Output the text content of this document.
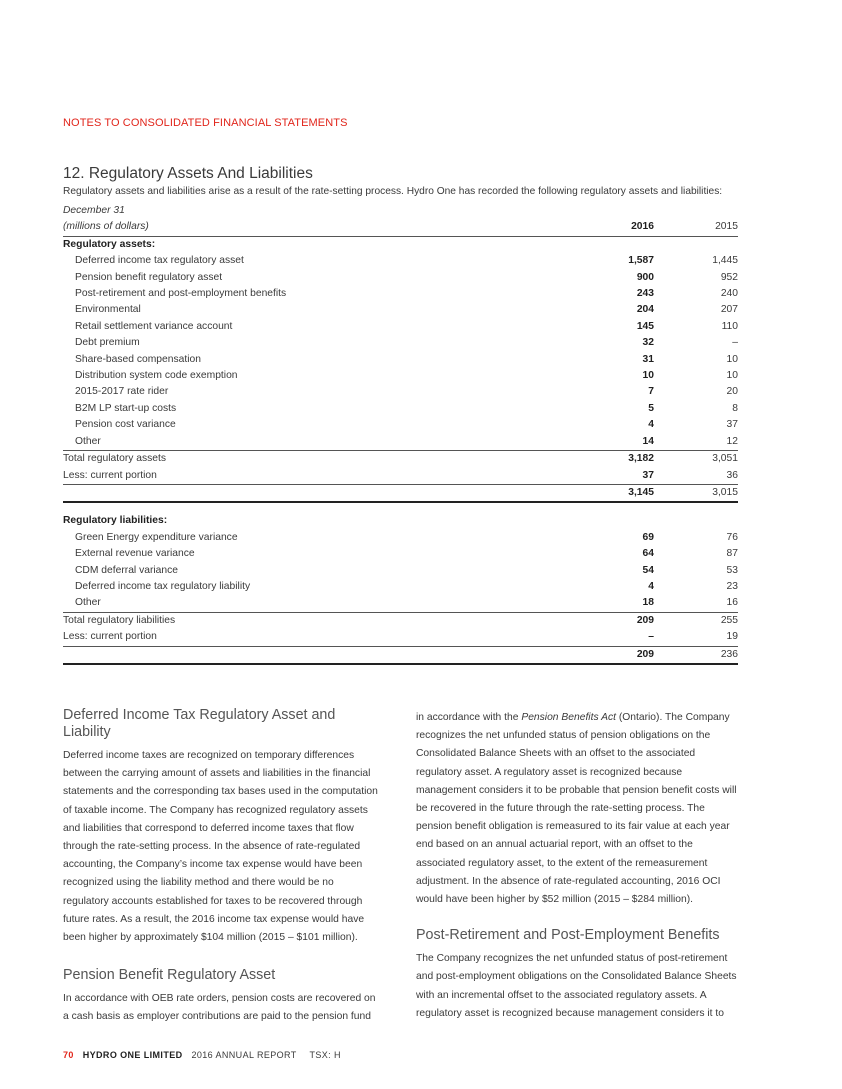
NOTES TO CONSOLIDATED FINANCIAL STATEMENTS
12. Regulatory Assets And Liabilities
Regulatory assets and liabilities arise as a result of the rate-setting process. Hydro One has recorded the following regulatory assets and liabilities:
December 31		
(millions of dollars)	2016	2015
Regulatory assets:		
Deferred income tax regulatory asset	1,587	1,445
Pension benefit regulatory asset	900	952
Post-retirement and post-employment benefits	243	240
Environmental	204	207
Retail settlement variance account	145	110
Debt premium	32	–
Share-based compensation	31	10
Distribution system code exemption	10	10
2015-2017 rate rider	7	20
B2M LP start-up costs	5	8
Pension cost variance	4	37
Other	14	12
Total regulatory assets	3,182	3,051
Less: current portion	37	36
	3,145	3,015

Regulatory liabilities:		
Green Energy expenditure variance	69	76
External revenue variance	64	87
CDM deferral variance	54	53
Deferred income tax regulatory liability	4	23
Other	18	16
Total regulatory liabilities	209	255
Less: current portion	–	19
	209	236
Deferred Income Tax Regulatory Asset and Liability

Deferred income taxes are recognized on temporary differences between the carrying amount of assets and liabilities in the financial statements and the corresponding tax bases used in the computation of taxable income. The Company has recognized regulatory assets and liabilities that correspond to deferred income taxes that flow through the rate-setting process. In the absence of rate-regulated accounting, the Company’s income tax expense would have been recognized using the liability method and there would be no regulatory accounts established for taxes to be recovered through future rates. As a result, the 2016 income tax expense would have been higher by approximately $104 million (2015 – $101 million).

Pension Benefit Regulatory Asset

In accordance with OEB rate orders, pension costs are recovered on a cash basis as employer contributions are paid to the pension fund

in accordance with the Pension Benefits Act (Ontario). The Company recognizes the net unfunded status of pension obligations on the Consolidated Balance Sheets with an offset to the associated regulatory asset. A regulatory asset is recognized because management considers it to be probable that pension benefit costs will be recovered in the future through the rate-setting process. The pension benefit obligation is remeasured to its fair value at each year end based on an annual actuarial report, with an offset to the associated regulatory asset, to the extent of the remeasurement adjustment. In the absence of rate-regulated accounting, 2016 OCI would have been higher by $52 million (2015 – $284 million).

Post-Retirement and Post-Employment Benefits

The Company recognizes the net unfunded status of post-retirement and post-employment obligations on the Consolidated Balance Sheets with an incremental offset to the associated regulatory assets. A regulatory asset is recognized because management considers it to

70 HYDRO ONE LIMITED 2016 ANNUAL REPORT TSX: H
